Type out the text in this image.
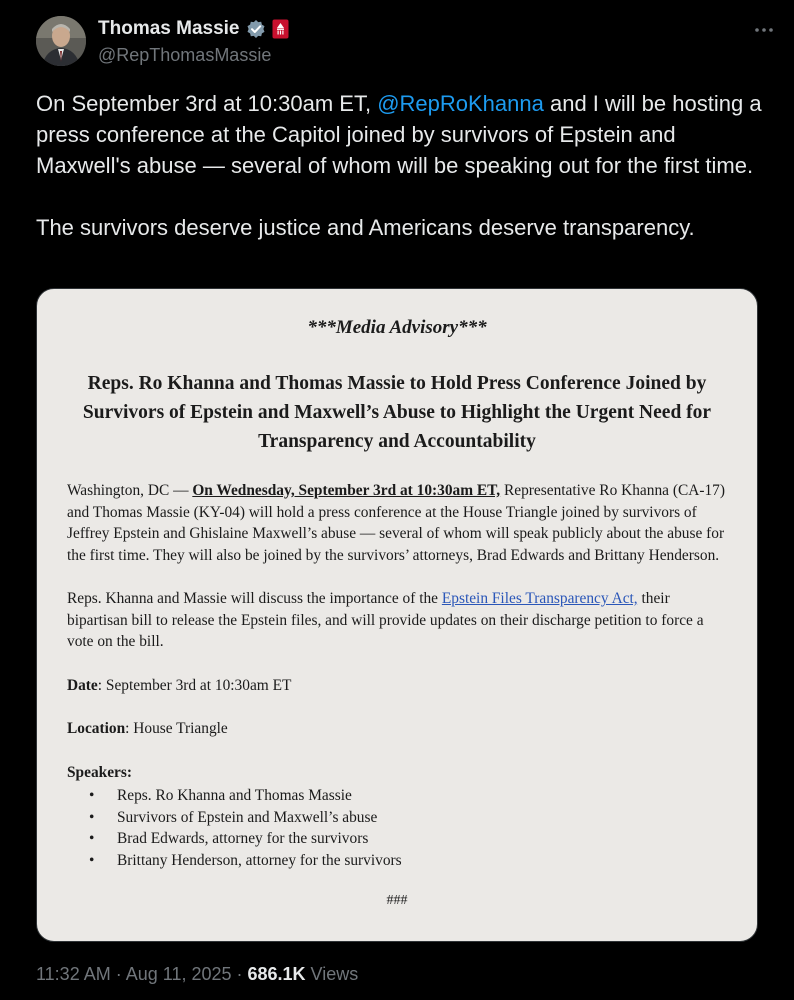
Thomas Massie
@RepThomasMassie

On September 3rd at 10:30am ET, @RepRoKhanna and I will be hosting a press conference at the Capitol joined by survivors of Epstein and Maxwell's abuse — several of whom will be speaking out for the first time.

The survivors deserve justice and Americans deserve transparency.

***Media Advisory***
Reps. Ro Khanna and Thomas Massie to Hold Press Conference Joined by Survivors of Epstein and Maxwell’s Abuse to Highlight the Urgent Need for Transparency and Accountability
Washington, DC — On Wednesday, September 3rd at 10:30am ET, Representative Ro Khanna (CA-17) and Thomas Massie (KY-04) will hold a press conference at the House Triangle joined by survivors of Jeffrey Epstein and Ghislaine Maxwell’s abuse — several of whom will speak publicly about the abuse for the first time. They will also be joined by the survivors’ attorneys, Brad Edwards and Brittany Henderson.
Reps. Khanna and Massie will discuss the importance of the Epstein Files Transparency Act, their bipartisan bill to release the Epstein files, and will provide updates on their discharge petition to force a vote on the bill.
Date: September 3rd at 10:30am ET
Location: House Triangle
Speakers:
• Reps. Ro Khanna and Thomas Massie
• Survivors of Epstein and Maxwell’s abuse
• Brad Edwards, attorney for the survivors
• Brittany Henderson, attorney for the survivors
###
11:32 AM · Aug 11, 2025 · 686.1K Views
